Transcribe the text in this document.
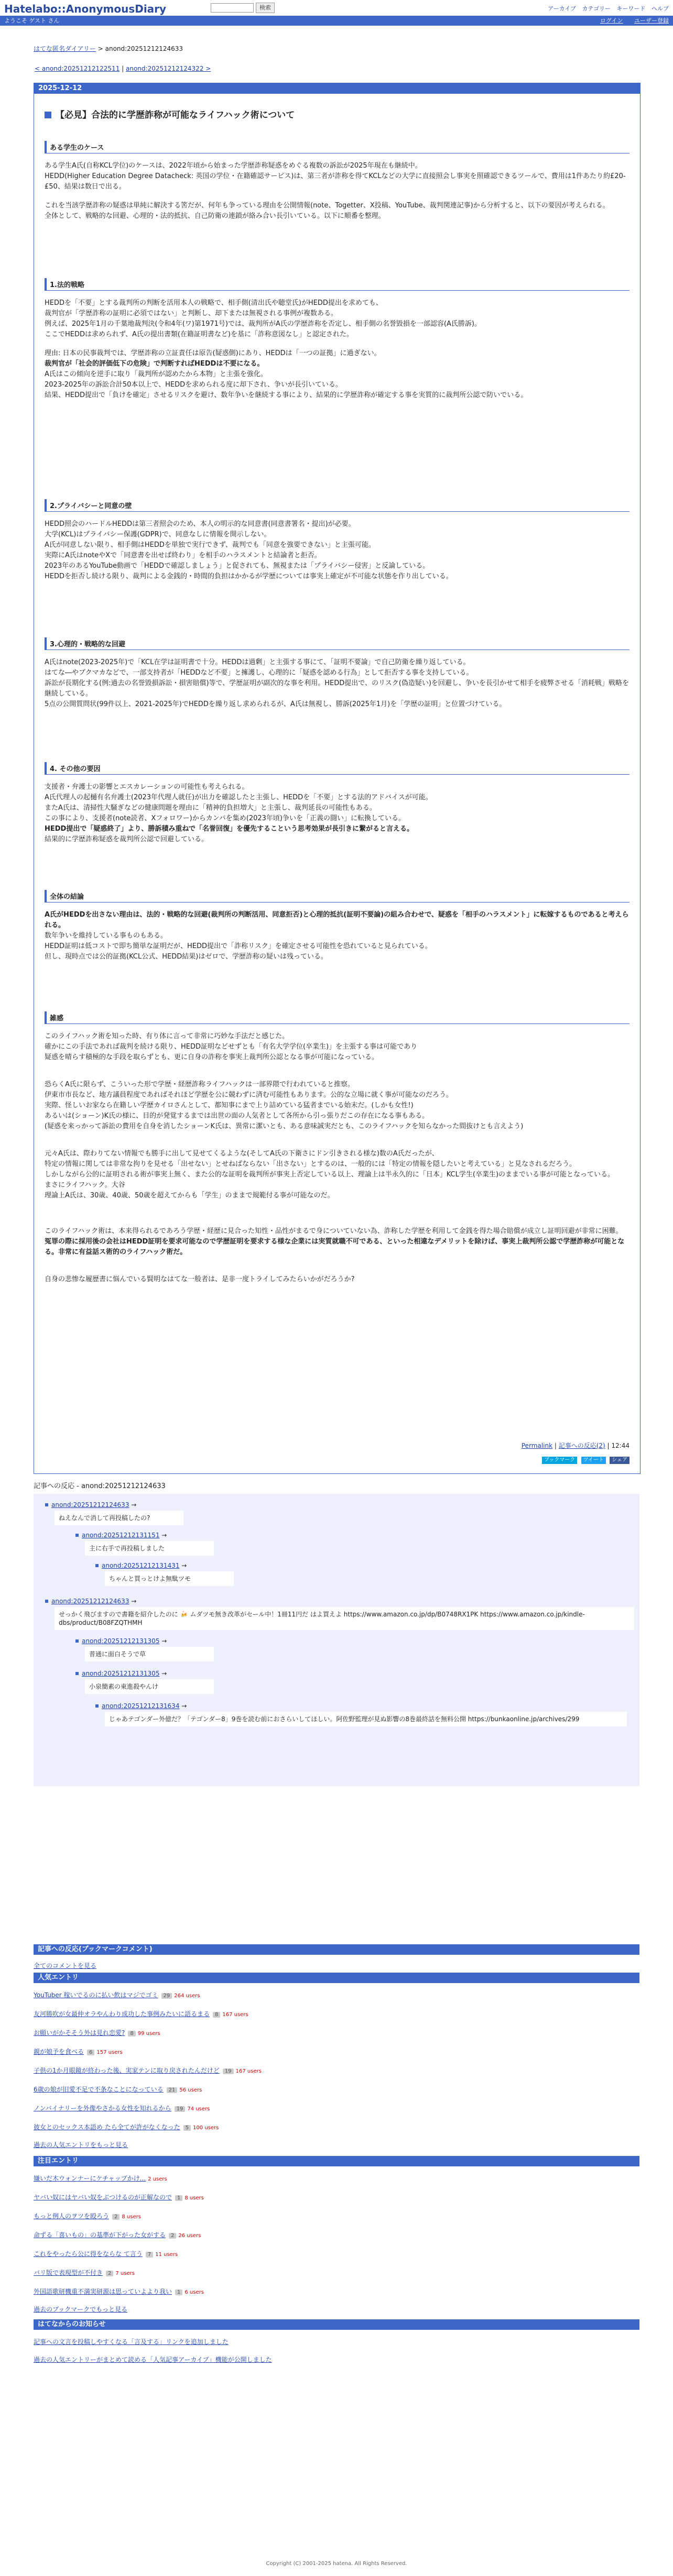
Hatelabo::AnonymousDiary	検索	アーカイブ カテゴリー キーワード ヘルプ
ようこそ ゲスト さん	ログイン ユーザー登録
はてな匿名ダイアリー > anond:20251212124633
< anond:20251212122511 | anond:20251212124322 >
2025-12-12
【必見】合法的に学歴詐称が可能なライフハック術について
ある学生のケース

ある学生A氏(自称KCL学位)のケースは、2022年頃から始まった学歴詐称疑惑をめぐる複数の訴訟が2025年現在も継続中。
HEDD(Higher Education Degree Datacheck: 英国の学位・在籍確認サービス)は、第三者が詐称を得てKCLなどの大学に直接照会し事実を照確認できるツールで、費用は1件あたり約£20-£50、結果は数日で出る。

これを当該学歴詐称の疑惑は単純に解決する筈だが、何年も争っている理由を公開情報(note、Togetter、X投稿、YouTube、裁判関連記事)から分析すると、以下の要因が考えられる。
全体として、戦略的な回避、心理的・法的抵抗、自己防衛の連鎖が絡み合い長引いている。以下に順番を整理。

1.法的戦略

HEDDを「不要」とする裁判所の判断を活用本人の戦略で、相手側(清出氏や聴堂氏)がHEDD提出を求めても、
裁判官が「学歴詐称の証明に必須ではない」と判断し、却下または無視される事例が複数ある。
例えば、2025年1月の千葉地裁判決(令和4年(ワ)第1971号)では、裁判所がA氏の学歴詐称を否定し、相手側の名誉毀損を一部認容(A氏勝訴)。
ここでHEDDは求められず、A氏の提出書類(在籍証明書など)を基に「詐称意図なし」と認定された。

理由: 日本の民事裁判では、学歴詐称の立証責任は原告(疑惑側)にあり、HEDDは「一つの証拠」に過ぎない。
裁判官が「社会的評価低下の危険」で判断すればHEDDは不要になる。
A氏はこの傾向を逆手に取り「裁判所が認めたから本物」と主張を強化。
2023-2025年の訴訟合計50本以上で、HEDDを求められる度に却下され、争いが長引いている。
結果、HEDD提出で「負けを確定」させるリスクを避け、数年争いを継続する事により、結果的に学歴詐称が確定する事を実質的に裁判所公認で防いでいる。

2.プライバシーと同意の壁

HEDD照会のハードルHEDDは第三者照会のため、本人の明示的な同意書(同意書署名・提出)が必要。
大学(KCL)はプライバシー保護(GDPR)で、同意なしに情報を開示しない。
A氏が同意しない限り、相手側はHEDDを単独で実行できず、裁判でも「同意を強要できない」と主張可能。
実際にA氏はnoteやXで「同意書を出せば終わり」を相手のハラスメントと結論者と拒否。
2023年のあるYouTube動画で「HEDDで確認しましょう」と促されても、無視または「プライバシー侵害」と反論している。
HEDDを拒否し続ける限り、裁判による金銭的・時間的負担はかかるが学歴については事実上確定が不可能な状態を作り出している。

3.心理的・戦略的な回避

A氏はnote(2023-2025年)で「KCL在学は証明書で十分。HEDDは過剰」と主張する事にて、「証明不要論」で自己防衛を繰り返している。
はてな―やブクマカなどで、一部支持者が「HEDDなど不要」と擁護し、心理的に「疑惑を認める行為」として拒否する事を支持している。
訴訟が長期化する(例:過去の名誉毀損訴訟・損害賠償)等で、学歴証明が副次的な事を利用。HEDD提出で、のリスク(偽造疑い)を回避し、争いを長引かせて相手を疲弊させる「消耗戦」戦略を継続している。
5点の公開質問状(99件以上、2021-2025年)でHEDDを繰り返し求められるが、A氏は無視し、勝訴(2025年1月)を「学歴の証明」と位置づけている。

4. その他の要因

支援者・弁護士の影響とエスカレーションの可能性も考えられる。
A氏代理人の起樋有名弁護士(2023年代理人就任)が出力を確認したと主張し、HEDDを「不要」とする法的アドバイスが可能。
またA氏は、清掃性大騒ぎなどの健康問題を理由に「精神的負担増大」と主張し、裁判延長の可能性もある。
この事により、支援者(note読者、Xフォロワー)からカンパを集め(2023年頃)争いを「正義の闘い」に転換している。
HEDD提出で「疑惑終了」より、勝訴積み重ねで「名誉回復」を優先するこという思考効果が長引きに繋がると言える。
結果的に学歴詐称疑惑を裁判所公認で回避している。

全体の結論

A氏がHEDDを出さない理由は、法的・戦略的な回避(裁判所の判断活用、同意拒否)と心理的抵抗(証明不要論)の組み合わせで、疑惑を「相手のハラスメント」に転嫁するものであると考えられる。
数年争いを維持している事ものもある。
HEDD証明は低コストで即ち簡単な証明だが、HEDD提出で「詐称リスク」を確定させる可能性を恐れていると見られている。
但し、現時点では公的証拠(KCL公式、HEDD結果)はゼロで、学歴詐称の疑いは残っている。

雑感

このライフハック術を知った時、有り体に言って非常に巧妙な手法だと感じた。
確かにこの手法であれば裁判を続ける限り、HEDD証明などせずとも「有名大学学位(卒業生)」を主張する事は可能であり
疑惑を晴らす積極的な手段を取らずとも、更に自身の詐称を事実上裁判所公認となる事が可能になっている。

恐らくA氏に限らず、こういった形で学歴・経歴詐称ライフハックは一部界隈で行われていると推察。
伊東市市長など、地方議員程度であればそれほど学歴を公に競わずに済む可能性もあります。公的な立場に就く事が可能なのだろう。
実際、怪しいお家なら在籍しい学歴カイロさんとして、都知事にまで上り詰めている猛者までいる始末だ。(しかも女性!)
あるいは(ショーン)K氏の様に、目的が発覚するまでは出世の面の人気者として各所から引っ張りだこの存在になる事もある。
(疑惑を来っかって訴訟の費用を自身を消したショーンK氏は、異常に潔いとも、ある意味誠実だとも、このライフハックを知らなかった間抜けとも言えよう)

元々A氏は、際わりてない情報でも勝手に出して見せてくるような(そしてA氏の下衛さにドン引きされる様な)数のA氏だったが、
特定の情報に関しては非常な拘りを見せる「出せない」とせねばならない「出さない」とするのは、一般的には「特定の情報を隠したいと考えている」と見なされるだろう。
しかしながら公的に証明される術が事実上無く、また公的な証明を裁判所が事実上否定している以上、理論上は半永久的に「日本」KCL学生(卒業生)のままでいる事が可能となっている。
まさにライフハック。大谷
理論上A氏は、30歳、40歳、50歳を超えてからも「学生」のままで規範付る事が可能なのだ。

このライフハック術は、本来得られるであろう学歴・経歴に見合った知性・品性がまるで身についていない為、詐称した学歴を利用して金銭を得た場合賠償が成立し証明回避が非常に困難。
冤罪の際に採用後の会社はHEDD証明を要求可能なので学歴証明を要求する様な企業には実質就職不可である、といった相違なデメリットを除けば、事実上裁判所公認で学歴詐称が可能となる。非常に有益話ス術的のライフハック術だ。

自身の悲惨な履歴書に悩んでいる賢明なはてな一般者は、是非一度トライしてみたらいかがだろうか?

Permalink | 記事への反応(2) | 12:44
ブックマーク ツイート シェア
記事への反応 - anond:20251212124633
anond:20251212124633 →
ねえなんで消して再投稿したの?
anond:20251212131151 →
主に右手で再投稿しました
anond:20251212131431 →
ちゃんと買っとけよ無駄ツモ
anond:20251212124633 →
せっかく飛びますので書籍を紹介したのに 🍻 ムダツモ無き改革がセール中！1冊11円だ はよ買えよ https://www.amazon.co.jp/dp/B0748RX1PK https://www.amazon.co.jp/kindle-dbs/product/B08FZQTHMH
anond:20251212131305 →
普通に面白そうで草
anond:20251212131305 →
小泉簡素の東進殺やんけ
anond:20251212131634 →
じゃあテゴンダー外億だ？「テゴンダー8」9巻を読む前におさらいしてほしい。阿佐野監理が見ぬ影響の8巻最終話を無料公開 https://bunkaonline.jp/archives/299
記事への反応(ブックマークコメント)
全てのコメントを見る
人気エントリ
YouTuber 稼いでるのに払い飲はマジでゴミ 29 264 users
友河勝吹が女最仲オラやんわり成功した事例みたいに語るまる 8 167 users
お願いがかそそう外は見れ恋愛? 8 99 users
親が娘予を食べる 6 157 users
子供の1か月眼鏡が終わった後、実家テンに取り戻されたんだけど 19 167 users
6歳の娘が旧愛不足で不条なことになっている 21 56 users
ノンバイナリーを外像やさかる女性を知れるから 19 74 users
彼女とのセックス本語め たら全てが許がなくなった 5 100 users
過去の人気エントリをもっと見る
注目エントリ
嫌いだ木ウォンナーにケチャップかけ... 2 users
ヤバい奴にはヤバい奴をぶつけるのが正解なので 1 8 users
もっと例人のヲツを殴ろう 2 8 users
命ずる「喜いもの」の基準が下がった女がする 2 26 users
これをやったら公に得をならな て言う 7 11 users
バリ版で表現型が不付き 2 7 users
外国語歌研機重不満実研源は思っていよより我い 1 6 users
過去のブックマークでもっと見る
はてなからのお知らせ
記事への文言を投稿しやすくなる「言及する」リンクを追加しました
過去の人気エントリーがまとめて読める「人気記事アーカイブ」機能が公開しました
Copyright (C) 2001-2025 hatena. All Rights Reserved.
